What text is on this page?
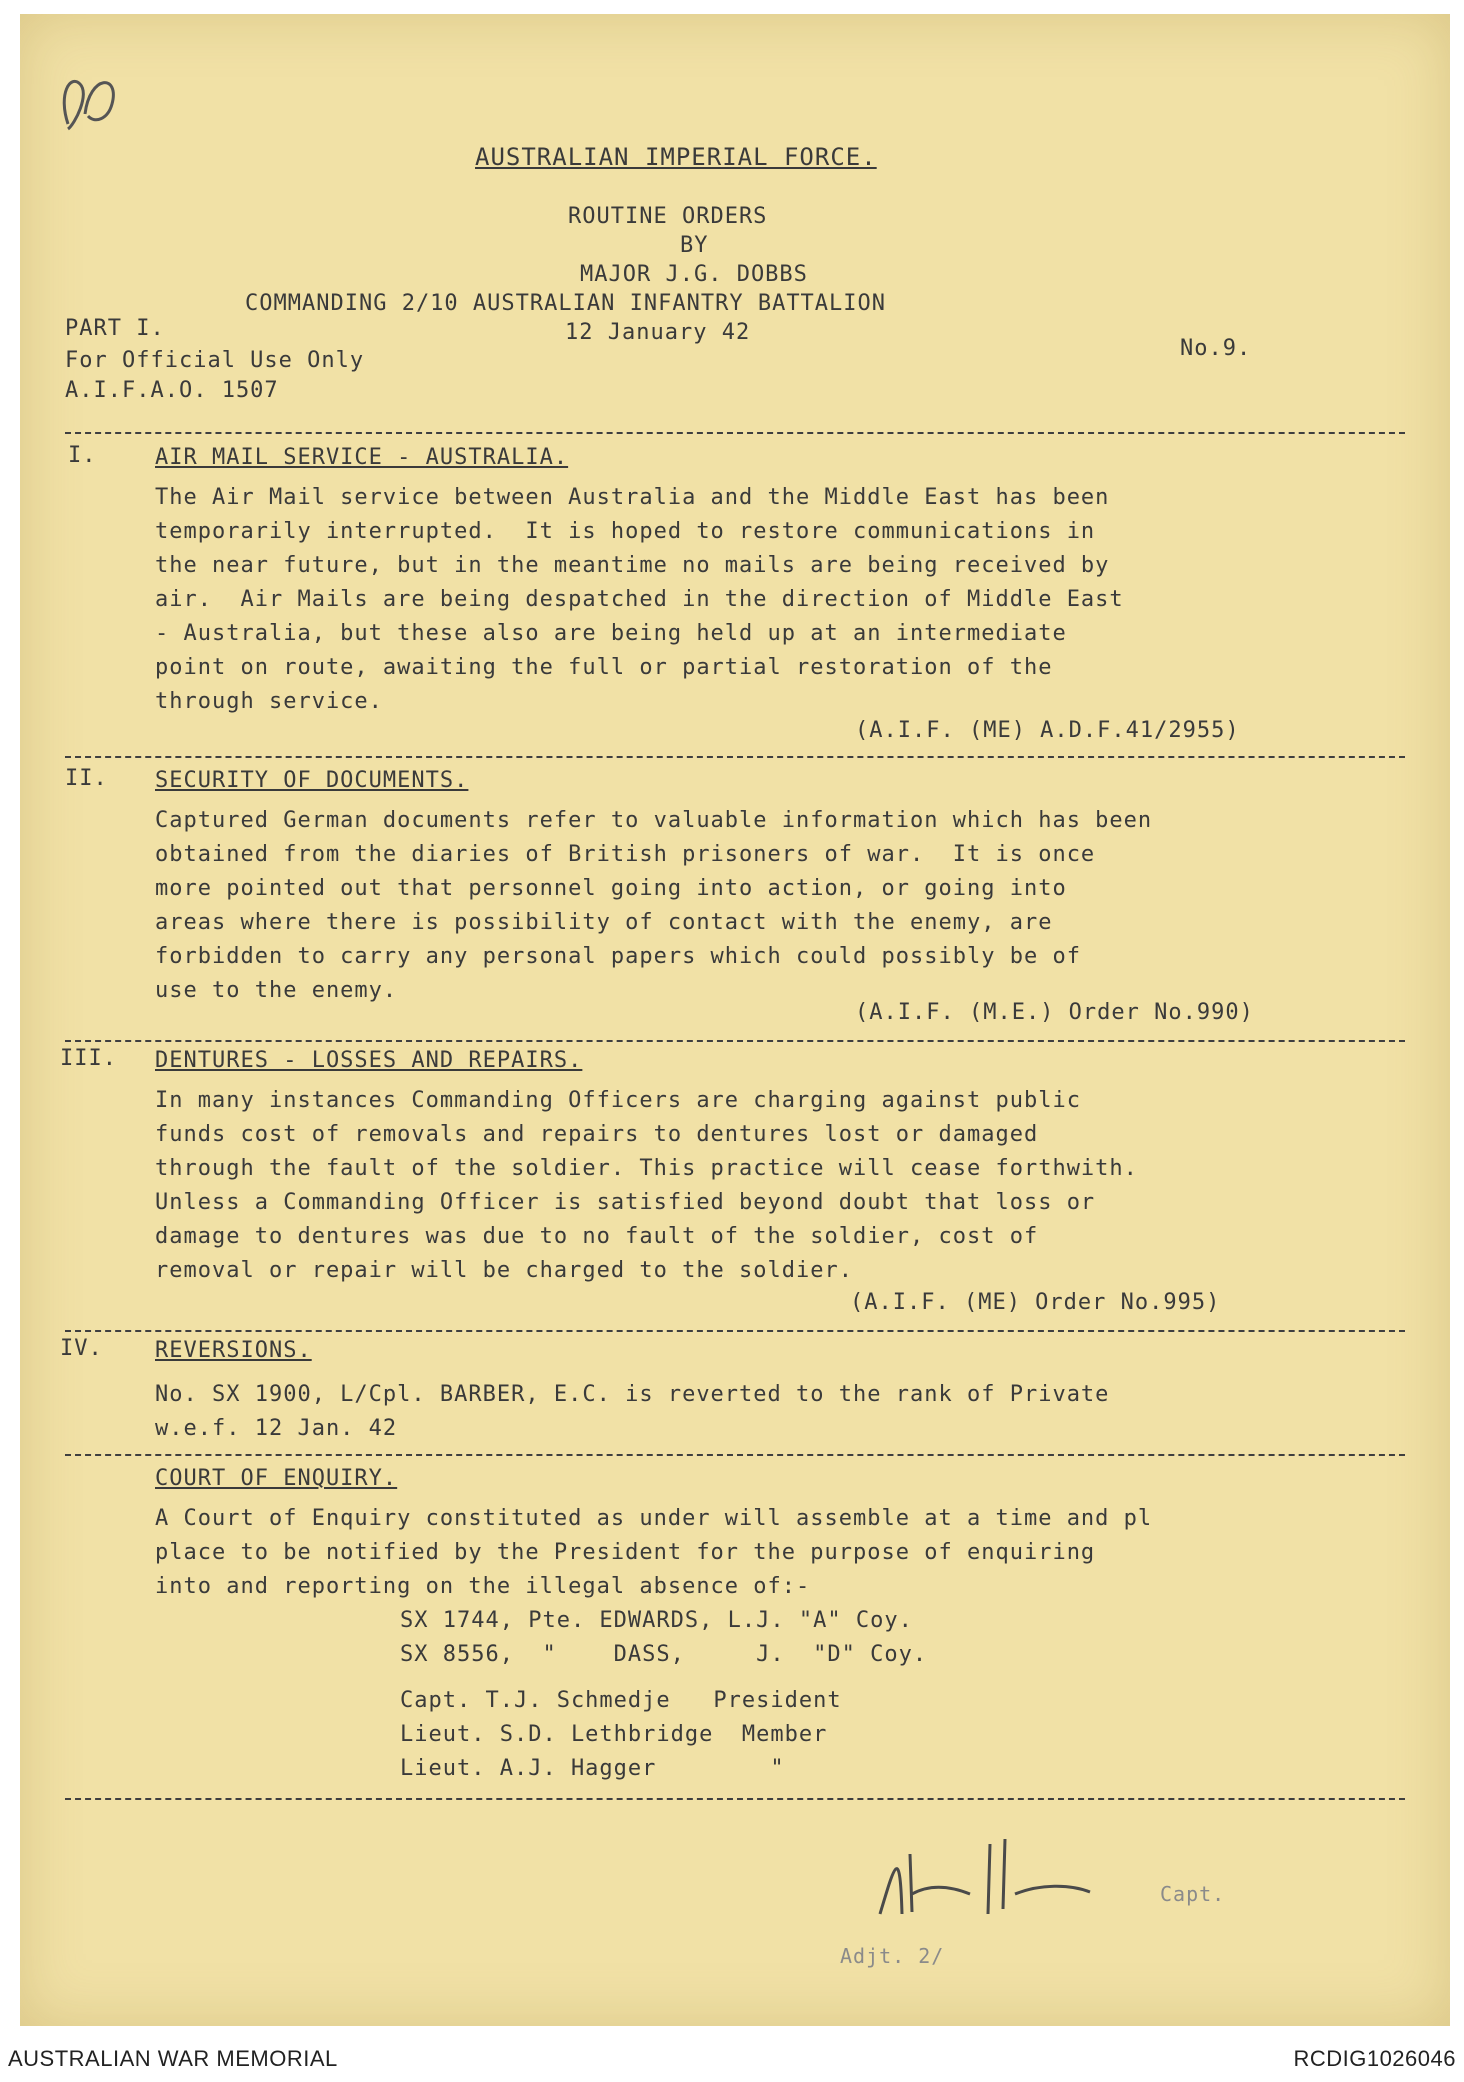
AUSTRALIAN IMPERIAL FORCE.
ROUTINE ORDERS
BY
MAJOR J.G. DOBBS
COMMANDING 2/10 AUSTRALIAN INFANTRY BATTALION
12 January 42
PART I.
For Official Use Only
A.I.F.A.O. 1507
No.9.
I.	AIR MAIL SERVICE - AUSTRALIA.
The Air Mail service between Australia and the Middle East has been
temporarily interrupted.  It is hoped to restore communications in
the near future, but in the meantime no mails are being received by
air.  Air Mails are being despatched in the direction of Middle East
- Australia, but these also are being held up at an intermediate
point on route, awaiting the full or partial restoration of the
through service.
(A.I.F. (ME) A.D.F.41/2955)
II. SECURITY OF DOCUMENTS.
Captured German documents refer to valuable information which has been
obtained from the diaries of British prisoners of war.  It is once
more pointed out that personnel going into action, or going into
areas where there is possibility of contact with the enemy, are
forbidden to carry any personal papers which could possibly be of
use to the enemy.
(A.I.F. (M.E.) Order No.990)
III. DENTURES - LOSSES AND REPAIRS.
In many instances Commanding Officers are charging against public
funds cost of removals and repairs to dentures lost or damaged
through the fault of the soldier. This practice will cease forthwith.
Unless a Commanding Officer is satisfied beyond doubt that loss or
damage to dentures was due to no fault of the soldier, cost of
removal or repair will be charged to the soldier.
(A.I.F. (ME) Order No.995)
IV. REVERSIONS.
No. SX 1900, L/Cpl. BARBER, E.C. is reverted to the rank of Private
w.e.f. 12 Jan. 42
COURT OF ENQUIRY.
A Court of Enquiry constituted as under will assemble at a time and pl
place to be notified by the President for the purpose of enquiring
into and reporting on the illegal absence of:-
SX 1744, Pte. EDWARDS, L.J. "A" Coy.
SX 8556,  "    DASS,     J.  "D" Coy.
Capt. T.J. Schmedje   President
Lieut. S.D. Lethbridge  Member
Lieut. A.J. Hagger        "
Capt.
Adjt. 2/
AUSTRALIAN WAR MEMORIAL	RCDIG1026046
